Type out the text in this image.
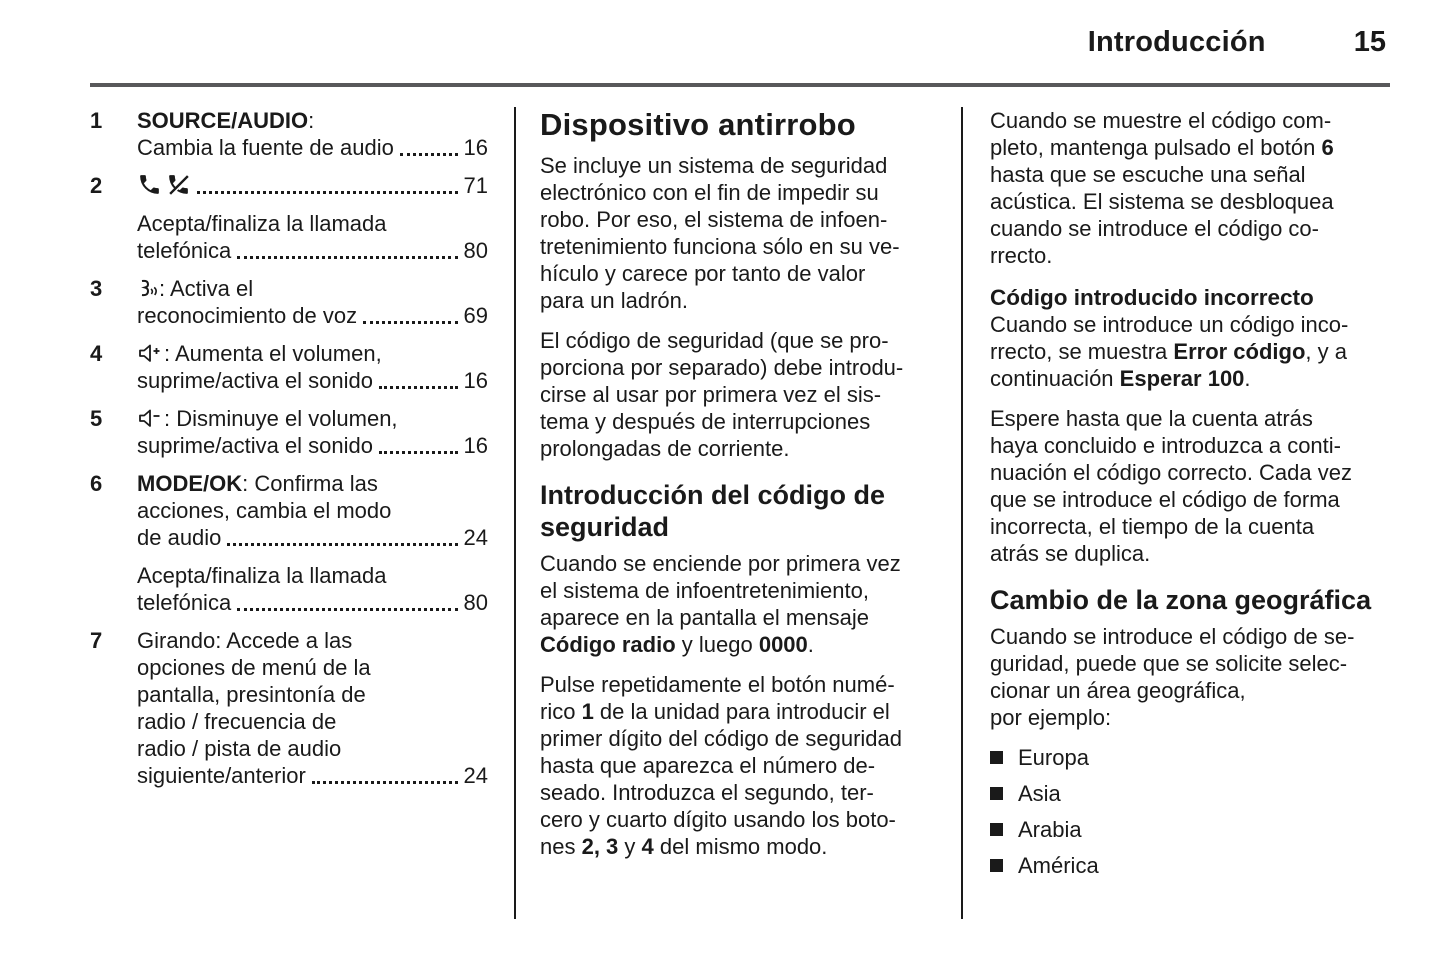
Introducción	15
1	SOURCE/AUDIO:
Cambia la fuente de audio	16
2	71
Acepta/finaliza la llamada
telefónica	80
3	: Activa el
reconocimiento de voz	69
4	: Aumenta el volumen,
suprime/activa el sonido	16
5	: Disminuye el volumen,
suprime/activa el sonido	16
6	MODE/OK: Confirma las
acciones, cambia el modo
de audio	24
Acepta/finaliza la llamada
telefónica	80
7	Girando: Accede a las
opciones de menú de la
pantalla, presintonía de
radio / frecuencia de
radio / pista de audio
siguiente/anterior	24
Dispositivo antirrobo
Se incluye un sistema de seguridad
electrónico con el fin de impedir su
robo. Por eso, el sistema de infoen-
tretenimiento funciona sólo en su ve-
hículo y carece por tanto de valor
para un ladrón.
El código de seguridad (que se pro-
porciona por separado) debe introdu-
cirse al usar por primera vez el sis-
tema y después de interrupciones
prolongadas de corriente.
Introducción del código de
seguridad
Cuando se enciende por primera vez
el sistema de infoentretenimiento,
aparece en la pantalla el mensaje
Código radio y luego 0000.
Pulse repetidamente el botón numé-
rico 1 de la unidad para introducir el
primer dígito del código de seguridad
hasta que aparezca el número de-
seado. Introduzca el segundo, ter-
cero y cuarto dígito usando los boto-
nes 2, 3 y 4 del mismo modo.
Cuando se muestre el código com-
pleto, mantenga pulsado el botón 6
hasta que se escuche una señal
acústica. El sistema se desbloquea
cuando se introduce el código co-
rrecto.
Código introducido incorrecto
Cuando se introduce un código inco-
rrecto, se muestra Error código, y a
continuación Esperar 100.
Espere hasta que la cuenta atrás
haya concluido e introduzca a conti-
nuación el código correcto. Cada vez
que se introduce el código de forma
incorrecta, el tiempo de la cuenta
atrás se duplica.
Cambio de la zona geográfica
Cuando se introduce el código de se-
guridad, puede que se solicite selec-
cionar un área geográfica,
por ejemplo:
Europa
Asia
Arabia
América
